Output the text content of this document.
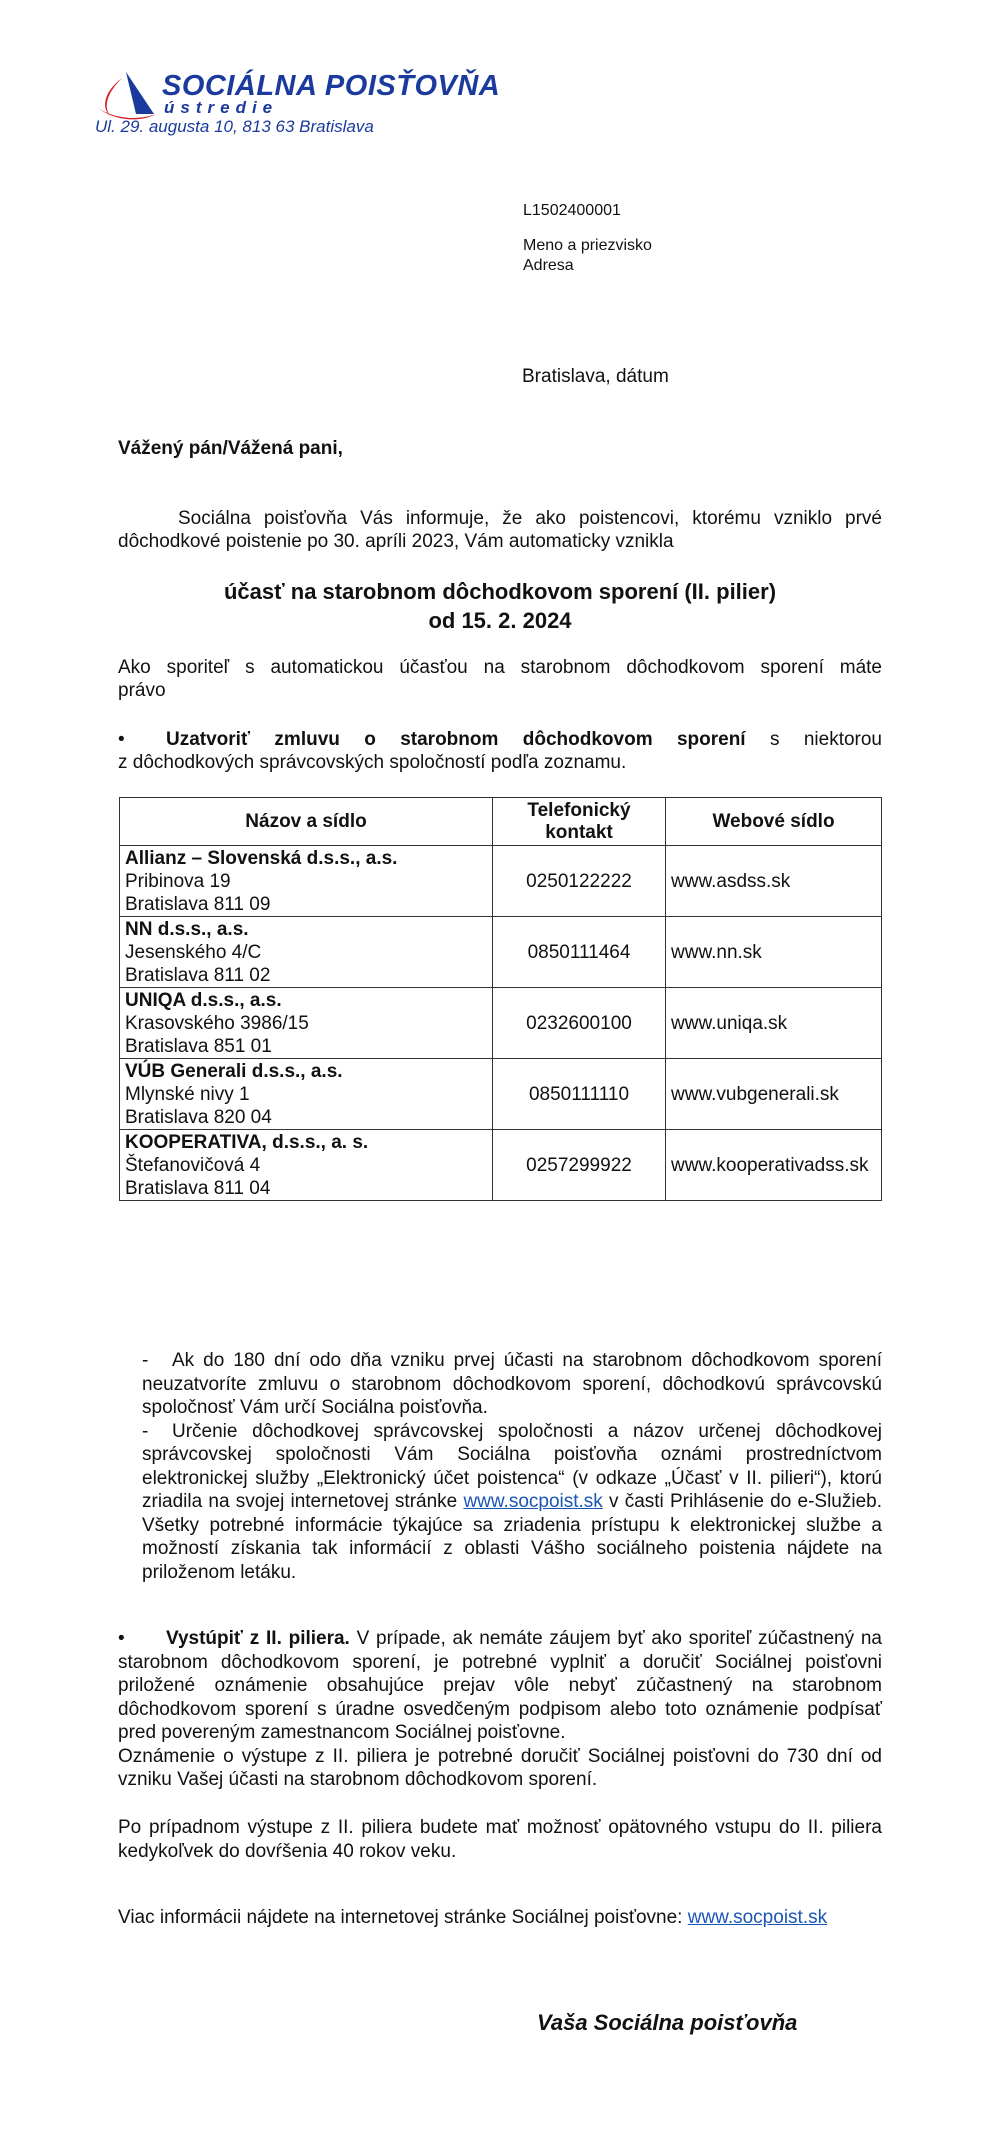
SOCIÁLNA POISŤOVŇA
ústredie
Ul. 29. augusta 10, 813 63 Bratislava
L1502400001
Meno a priezvisko
Adresa
Bratislava, dátum
Vážený pán/Vážená pani,
Sociálna poisťovňa Vás informuje, že ako poistencovi, ktorému vzniklo prvé
dôchodkové poistenie po 30. apríli 2023, Vám automaticky vznikla
účasť na starobnom dôchodkovom sporení (II. pilier)
od 15. 2. 2024
Ako sporiteľ s automatickou účasťou na starobnom dôchodkovom sporení máte
právo
• Uzatvoriť zmluvu o starobnom dôchodkovom sporení s niektorou
z dôchodkových správcovských spoločností podľa zoznamu.
Názov a sídlo	Telefonický kontakt	Webové sídlo

Allianz – Slovenská d.s.s., a.s.
Pribinova 19
Bratislava 811 09	0250122222	www.asdss.sk

NN d.s.s., a.s.
Jesenského 4/C
Bratislava 811 02	0850111464	www.nn.sk

UNIQA d.s.s., a.s.
Krasovského 3986/15
Bratislava 851 01	0232600100	www.uniqa.sk

VÚB Generali d.s.s., a.s.
Mlynské nivy 1
Bratislava 820 04	0850111110	www.vubgenerali.sk

KOOPERATIVA, d.s.s., a. s.
Štefanovičová 4
Bratislava 811 04	0257299922	www.kooperativadss.sk
- Ak do 180 dní odo dňa vzniku prvej účasti na starobnom dôchodkovom sporení neuzatvoríte zmluvu o starobnom dôchodkovom sporení, dôchodkovú správcovskú spoločnosť Vám určí Sociálna poisťovňa.
- Určenie dôchodkovej správcovskej spoločnosti a názov určenej dôchodkovej správcovskej spoločnosti Vám Sociálna poisťovňa oznámi prostredníctvom elektronickej služby „Elektronický účet poistenca“ (v odkaze „Účasť v II. pilieri“), ktorú zriadila na svojej internetovej stránke www.socpoist.sk v časti Prihlásenie do e-Služieb. Všetky potrebné informácie týkajúce sa zriadenia prístupu k elektronickej službe a možností získania tak informácií z oblasti Vášho sociálneho poistenia nájdete na priloženom letáku.
• Vystúpiť z II. piliera. V prípade, ak nemáte záujem byť ako sporiteľ zúčastnený na starobnom dôchodkovom sporení, je potrebné vyplniť a doručiť Sociálnej poisťovni priložené oznámenie obsahujúce prejav vôle nebyť zúčastnený na starobnom dôchodkovom sporení s úradne osvedčeným podpisom alebo toto oznámenie podpísať pred povereným zamestnancom Sociálnej poisťovne.
Oznámenie o výstupe z II. piliera je potrebné doručiť Sociálnej poisťovni do 730 dní od vzniku Vašej účasti na starobnom dôchodkovom sporení.
Po prípadnom výstupe z II. piliera budete mať možnosť opätovného vstupu do II. piliera kedykoľvek do dovŕšenia 40 rokov veku.
Viac informácii nájdete na internetovej stránke Sociálnej poisťovne: www.socpoist.sk
Vaša Sociálna poisťovňa
